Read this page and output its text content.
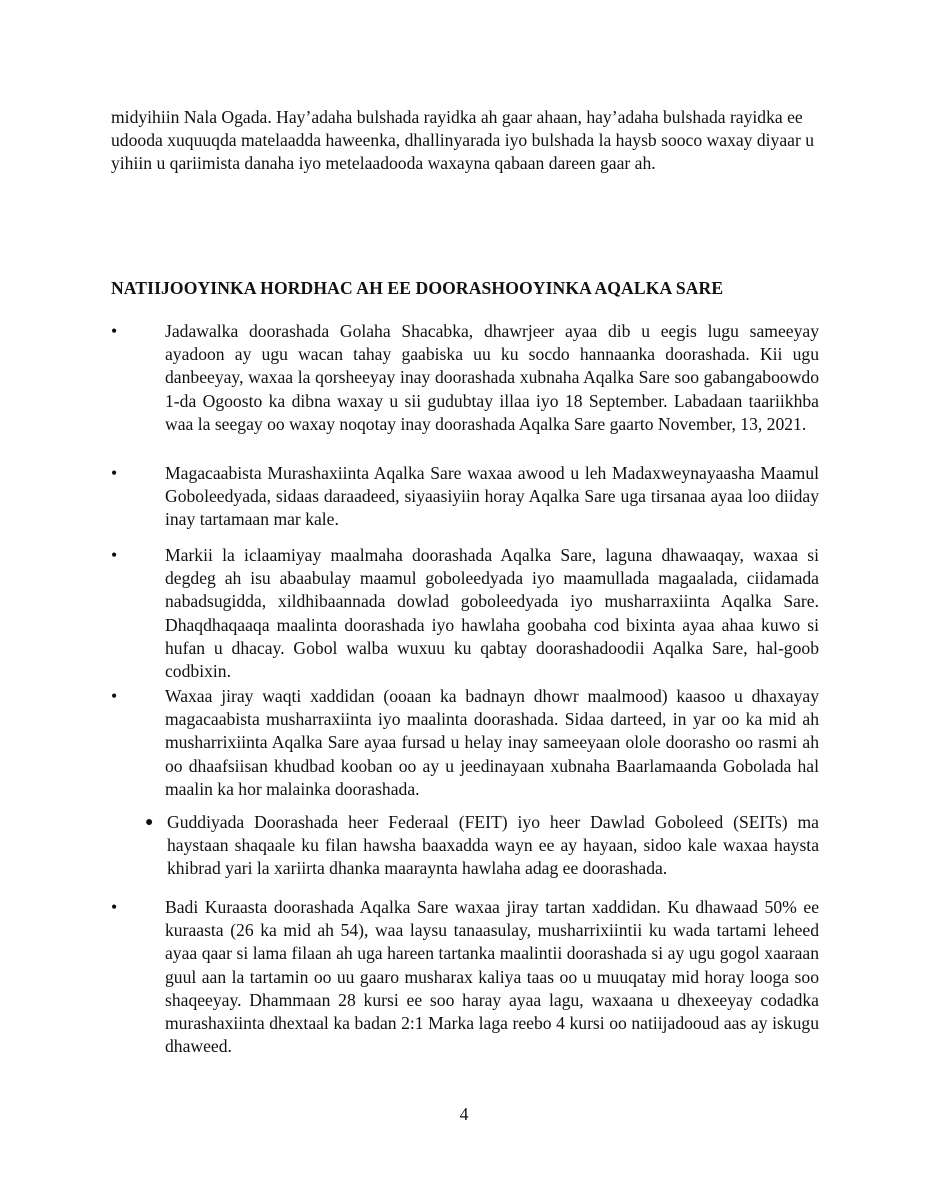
midyihiin Nala Ogada. Hay’adaha bulshada rayidka ah gaar ahaan, hay’adaha bulshada rayidka ee udooda xuquuqda matelaadda haweenka, dhallinyarada iyo bulshada la haysb sooco waxay diyaar u yihiin u qariimista danaha iyo metelaadooda waxayna qabaan dareen gaar ah.

NATIIJOOYINKA HORDHAC AH EE DOORASHOOYINKA AQALKA SARE
•	Jadawalka doorashada Golaha Shacabka, dhawrjeer ayaa dib u eegis lugu sameeyay ayadoon ay ugu wacan tahay gaabiska uu ku socdo hannaanka doorashada. Kii ugu danbeeyay, waxaa la qorsheeyay inay doorashada xubnaha Aqalka Sare soo gabangaboowdo 1-da Ogoosto ka dibna waxay u sii gudubtay illaa iyo 18 September. Labadaan taariikhba waa la seegay oo waxay noqotay inay doorashada Aqalka Sare gaarto November, 13, 2021.

•	Magacaabista Murashaxiinta Aqalka Sare waxaa awood u leh Madaxweynayaasha Maamul Goboleedyada, sidaas daraadeed, siyaasiyiin horay Aqalka Sare uga tirsanaa ayaa loo diiday inay tartamaan mar kale.

•	Markii la iclaamiyay maalmaha doorashada Aqalka Sare, laguna dhawaaqay, waxaa si degdeg ah isu abaabulay maamul goboleedyada iyo maamullada magaalada, ciidamada nabadsugidda, xildhibaannada dowlad goboleedyada iyo musharraxiinta Aqalka Sare. Dhaqdhaqaaqa maalinta doorashada iyo hawlaha goobaha cod bixinta ayaa ahaa kuwo si hufan u dhacay. Gobol walba wuxuu ku qabtay doorashadoodii Aqalka Sare, hal-goob codbixin.

•	Waxaa jiray waqti xaddidan (ooaan ka badnayn dhowr maalmood) kaasoo u dhaxayay magacaabista musharraxiinta iyo maalinta doorashada. Sidaa darteed, in yar oo ka mid ah musharrixiinta Aqalka Sare ayaa fursad u helay inay sameeyaan olole doorasho oo rasmi ah oo dhaafsiisan khudbad kooban oo ay u jeedinayaan xubnaha Baarlamaanda Gobolada hal maalin ka hor malainka doorashada.

● Guddiyada Doorashada heer Federaal (FEIT) iyo heer Dawlad Goboleed (SEITs) ma haystaan shaqaale ku filan hawsha baaxadda wayn ee ay hayaan, sidoo kale waxaa haysta khibrad yari la xariirta dhanka maaraynta hawlaha adag ee doorashada.

•	Badi Kuraasta doorashada Aqalka Sare waxaa jiray tartan xaddidan. Ku dhawaad 50% ee kuraasta (26 ka mid ah 54), waa laysu tanaasulay, musharrixiintii ku wada tartami leheed ayaa qaar si lama filaan ah uga hareen tartanka maalintii doorashada si ay ugu gogol xaaraan guul aan la tartamin oo uu gaaro musharax kaliya taas oo u muuqatay mid horay looga soo shaqeeyay. Dhammaan 28 kursi ee soo haray ayaa lagu, waxaana u dhexeeyay codadka murashaxiinta dhextaal ka badan 2:1 Marka laga reebo 4 kursi oo natiijadooud aas ay iskugu dhaweed.

4
